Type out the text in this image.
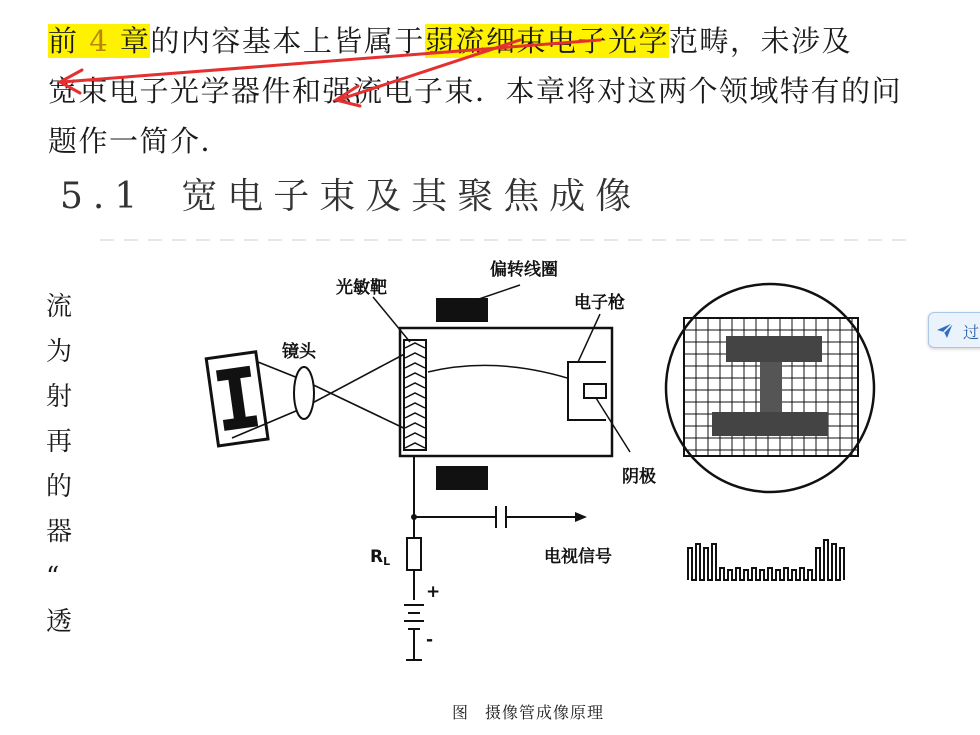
前 4 章的内容基本上皆属于弱流细束电子光学范畴，未涉及
宽束电子光学器件和强流电子束．本章将对这两个领域特有的问
题作一简介．
5.1 宽电子束及其聚焦成像
流
为
射
再
的
器
“
透
偏转线圈
光敏靶
电子枪
镜头
阴极
RL	电视信号
+
-
过
图 摄像管成像原理
